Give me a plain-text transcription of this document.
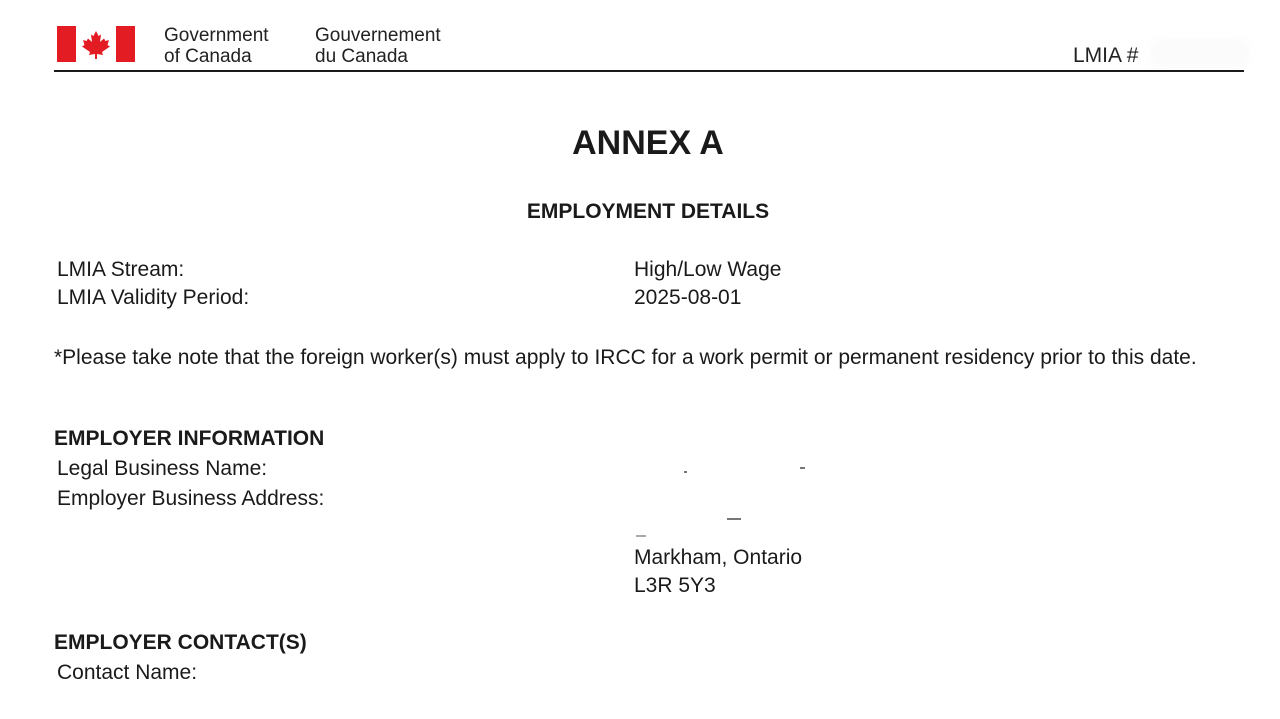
Government
of Canada
Gouvernement
du Canada	LMIA #
ANNEX A
EMPLOYMENT DETAILS
LMIA Stream:	High/Low Wage
LMIA Validity Period:	2025-08-01
*Please take note that the foreign worker(s) must apply to IRCC for a work permit or permanent residency prior to this date.
EMPLOYER INFORMATION
Legal Business Name:
Employer Business Address:
Markham, Ontario
L3R 5Y3
EMPLOYER CONTACT(S)
Contact Name:
